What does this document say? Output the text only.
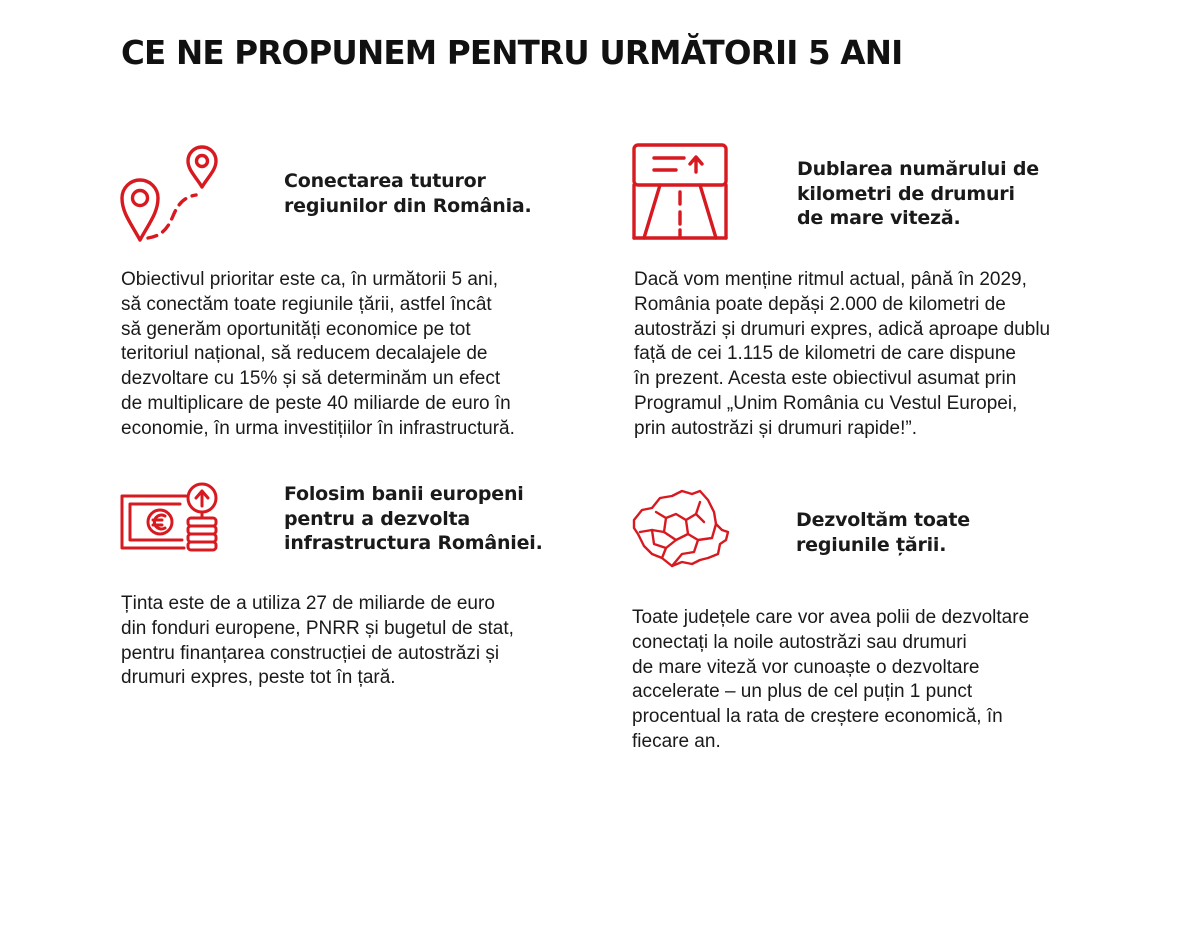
CE NE PROPUNEM PENTRU URMĂTORII 5 ANI
Conectarea tuturor
regiunilor din România.
Obiectivul prioritar este ca, în următorii 5 ani,
să conectăm toate regiunile țării, astfel încât
să generăm oportunități economice pe tot
teritoriul național, să reducem decalajele de
dezvoltare cu 15% și să determinăm un efect
de multiplicare de peste 40 miliarde de euro în
economie, în urma investițiilor în infrastructură.
Dublarea numărului de
kilometri de drumuri
de mare viteză.
Dacă vom menține ritmul actual, până în 2029,
România poate depăși 2.000 de kilometri de
autostrăzi și drumuri expres, adică aproape dublu
față de cei 1.115 de kilometri de care dispune
în prezent. Acesta este obiectivul asumat prin
Programul „Unim România cu Vestul Europei,
prin autostrăzi și drumuri rapide!”.
Folosim banii europeni
pentru a dezvolta
infrastructura României.
Ținta este de a utiliza 27 de miliarde de euro
din fonduri europene, PNRR și bugetul de stat,
pentru finanțarea construcției de autostrăzi și
drumuri expres, peste tot în țară.
Dezvoltăm toate
regiunile țării.
Toate județele care vor avea polii de dezvoltare
conectați la noile autostrăzi sau drumuri
de mare viteză vor cunoaște o dezvoltare
accelerate – un plus de cel puțin 1 punct
procentual la rata de creștere economică, în
fiecare an.
